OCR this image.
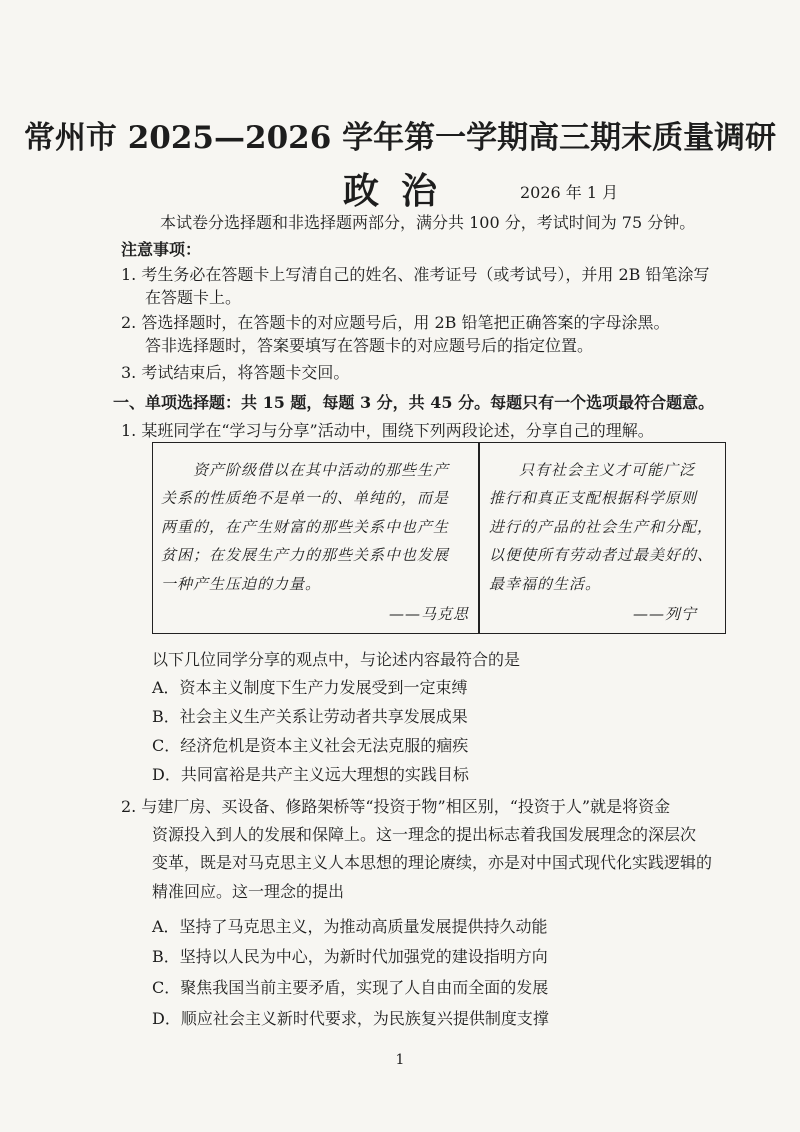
常州市 2025—2026 学年第一学期高三期末质量调研
政治	2026 年 1 月
本试卷分选择题和非选择题两部分，满分共 100 分，考试时间为 75 分钟。
注意事项：
1. 考生务必在答题卡上写清自己的姓名、准考证号（或考试号），并用 2B 铅笔涂写
在答题卡上。
2. 答选择题时，在答题卡的对应题号后，用 2B 铅笔把正确答案的字母涂黑。
答非选择题时，答案要填写在答题卡的对应题号后的指定位置。
3. 考试结束后，将答题卡交回。
一、单项选择题：共 15 题，每题 3 分，共 45 分。每题只有一个选项最符合题意。
1. 某班同学在“学习与分享”活动中，围绕下列两段论述，分享自己的理解。
资产阶级借以在其中活动的那些生产
关系的性质绝不是单一的、单纯的，而是
两重的，在产生财富的那些关系中也产生
贫困；在发展生产力的那些关系中也发展
一种产生压迫的力量。
——马克思
只有社会主义才可能广泛
推行和真正支配根据科学原则
进行的产品的社会生产和分配，
以便使所有劳动者过最美好的、
最幸福的生活。
——列宁
以下几位同学分享的观点中，与论述内容最符合的是
A．资本主义制度下生产力发展受到一定束缚
B．社会主义生产关系让劳动者共享发展成果
C．经济危机是资本主义社会无法克服的痼疾
D．共同富裕是共产主义远大理想的实践目标
2. 与建厂房、买设备、修路架桥等“投资于物”相区别，“投资于人”就是将资金
资源投入到人的发展和保障上。这一理念的提出标志着我国发展理念的深层次
变革，既是对马克思主义人本思想的理论赓续，亦是对中国式现代化实践逻辑的
精准回应。这一理念的提出
A．坚持了马克思主义，为推动高质量发展提供持久动能
B．坚持以人民为中心，为新时代加强党的建设指明方向
C．聚焦我国当前主要矛盾，实现了人自由而全面的发展
D．顺应社会主义新时代要求，为民族复兴提供制度支撑
1
